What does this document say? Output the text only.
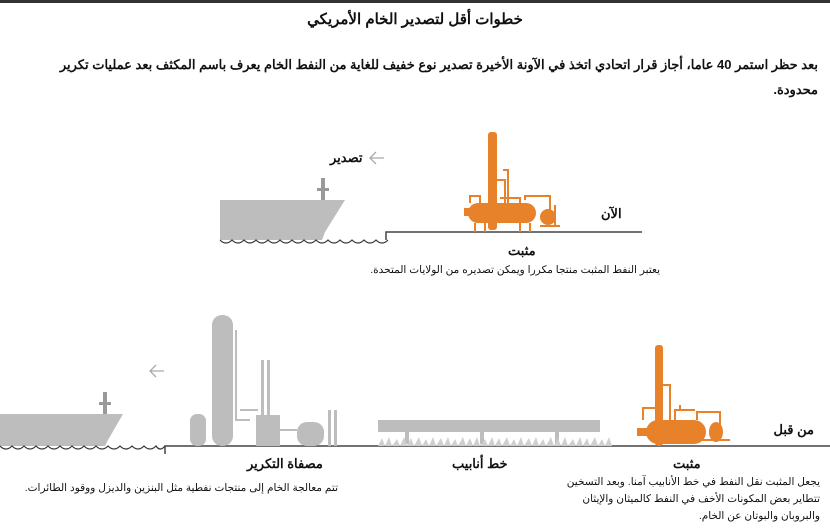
خطوات أقل لتصدير الخام الأمريكي
بعد حظر استمر 40 عاما، أجاز قرار اتحادي اتخذ في الآونة الأخيرة تصدير نوع خفيف للغاية من النفط الخام يعرف باسم المكثف بعد عمليات تكرير محدودة.
تصدير
الآن
مثبت
يعتبر النفط المثبت منتجا مكررا ويمكن تصديره من الولايات المتحدة.
من قبل
مصفاة التكرير
تتم معالجة الخام إلى منتجات نفطية مثل البنزين والديزل ووقود الطائرات.
خط أنابيب	مثبت
يجعل المثبت نقل النفط في خط الأنابيب آمنا. وبعد التسخين
تتطاير بعض المكونات الأخف في النفط كالميثان والإيثان
والبروبان والبوتان عن الخام.
